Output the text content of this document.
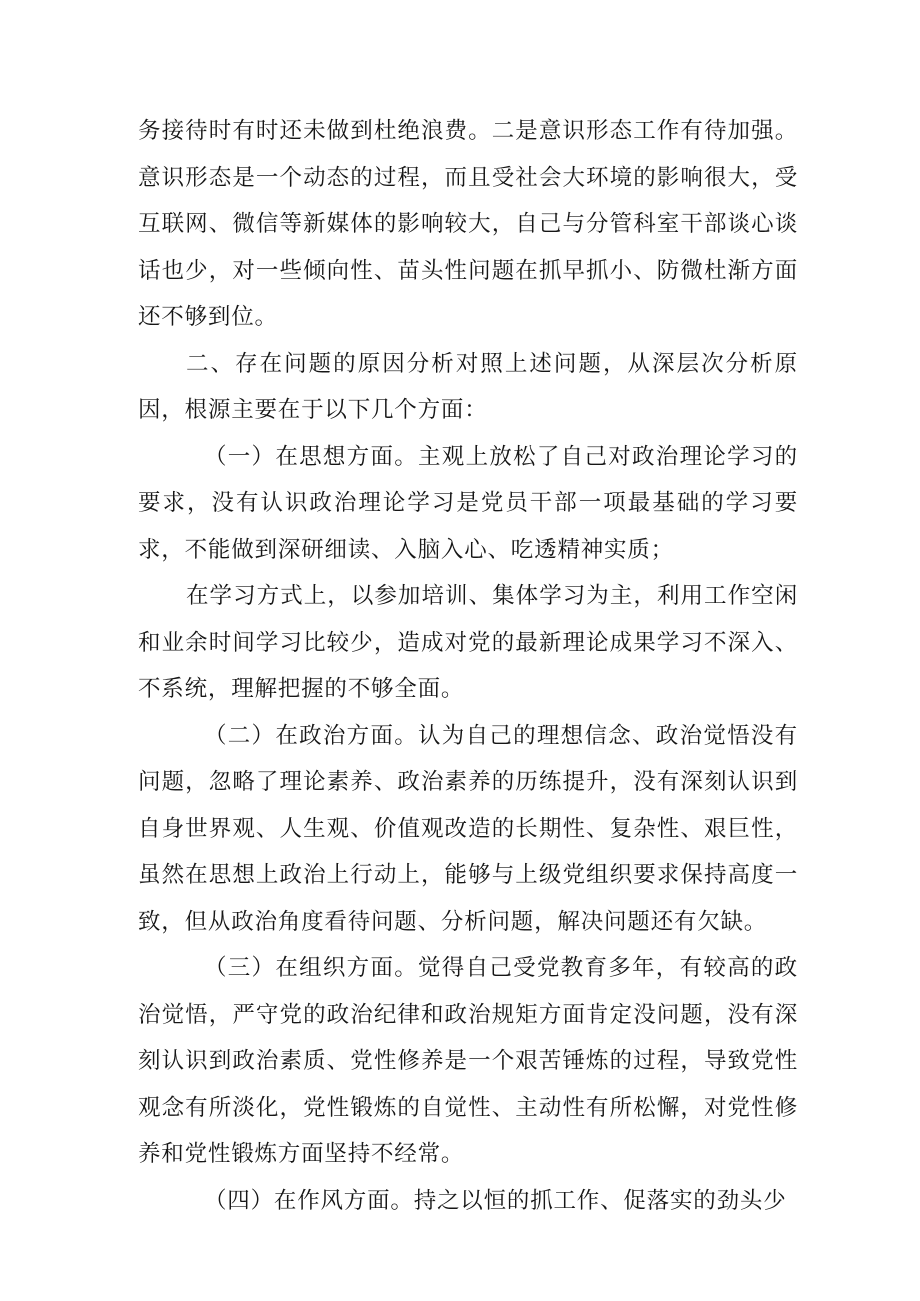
务接待时有时还未做到杜绝浪费。二是意识形态工作有待加强。意识形态是一个动态的过程，而且受社会大环境的影响很大，受互联网、微信等新媒体的影响较大，自己与分管科室干部谈心谈话也少，对一些倾向性、苗头性问题在抓早抓小、防微杜渐方面还不够到位。

二、存在问题的原因分析对照上述问题，从深层次分析原因，根源主要在于以下几个方面：

（一）在思想方面。主观上放松了自己对政治理论学习的要求，没有认识政治理论学习是党员干部一项最基础的学习要求，不能做到深研细读、入脑入心、吃透精神实质；

在学习方式上，以参加培训、集体学习为主，利用工作空闲和业余时间学习比较少，造成对党的最新理论成果学习不深入、不系统，理解把握的不够全面。

（二）在政治方面。认为自己的理想信念、政治觉悟没有问题，忽略了理论素养、政治素养的历练提升，没有深刻认识到自身世界观、人生观、价值观改造的长期性、复杂性、艰巨性，虽然在思想上政治上行动上，能够与上级党组织要求保持高度一致，但从政治角度看待问题、分析问题，解决问题还有欠缺。

（三）在组织方面。觉得自己受党教育多年，有较高的政治觉悟，严守党的政治纪律和政治规矩方面肯定没问题，没有深刻认识到政治素质、党性修养是一个艰苦锤炼的过程，导致党性观念有所淡化，党性锻炼的自觉性、主动性有所松懈，对党性修养和党性锻炼方面坚持不经常。

（四）在作风方面。持之以恒的抓工作、促落实的劲头少
